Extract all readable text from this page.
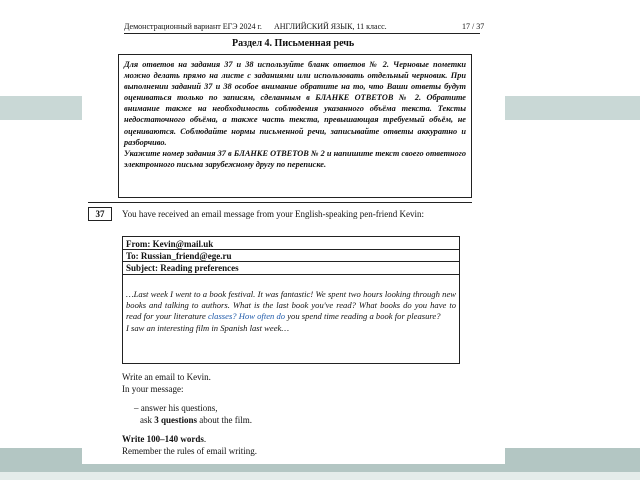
Демонстрационный вариант ЕГЭ 2024 г. АНГЛИЙСКИЙ ЯЗЫК, 11 класс.	17 / 37
Раздел 4. Письменная речь

Для ответов на задания 37 и 38 используйте бланк ответов № 2. Черновые пометки можно делать прямо на листе с заданиями или использовать отдельный черновик. При выполнении заданий 37 и 38 особое внимание обратите на то, что Ваши ответы будут оцениваться только по записям, сделанным в БЛАНКЕ ОТВЕТОВ № 2. Обратите внимание также на необходимость соблюдения указанного объёма текста. Тексты недостаточного объёма, а также часть текста, превышающая требуемый объём, не оцениваются. Соблюдайте нормы письменной речи, записывайте ответы аккуратно и разборчиво.

Укажите номер задания 37 в БЛАНКЕ ОТВЕТОВ № 2 и напишите текст своего ответного электронного письма зарубежному другу по переписке.

37	You have received an email message from your English-speaking pen-friend Kevin:
From: Kevin@mail.uk
To: Russian_friend@ege.ru
Subject: Reading preferences
…Last week I went to a book festival. It was fantastic! We spent two hours looking through new books and talking to authors. What is the last book you've read? What books do you have to read for your literature classes? How often do you spend time reading a book for pleasure?
I saw an interesting film in Spanish last week…

Write an email to Kevin.

In your message:

– answer his questions,

ask 3 questions about the film.

Write 100–140 words.

Remember the rules of email writing.
